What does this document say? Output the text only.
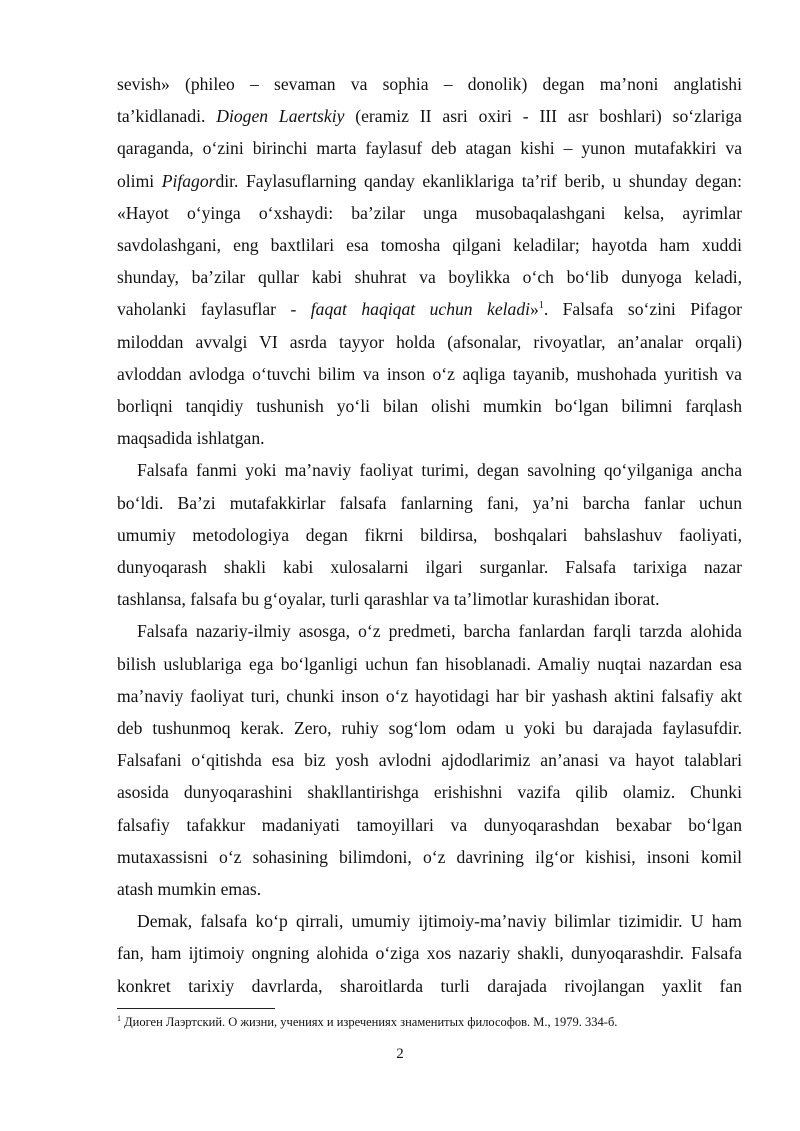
sevish» (phileo – sevaman va sophia – donolik) degan ma’noni anglatishi
ta’kidlanadi. Diogen Laertskiy (eramiz II asri oxiri - III asr boshlari) so‘zlariga
qaraganda, o‘zini birinchi marta faylasuf deb atagan kishi – yunon mutafakkiri va
olimi Pifagordir. Faylasuflarning qanday ekanliklariga ta’rif berib, u shunday degan:
«Hayot o‘yinga o‘xshaydi: ba’zilar unga musobaqalashgani kelsa, ayrimlar
savdolashgani, eng baxtlilari esa tomosha qilgani keladilar; hayotda ham xuddi
shunday, ba’zilar qullar kabi shuhrat va boylikka o‘ch bo‘lib dunyoga keladi,
vaholanki faylasuflar - faqat haqiqat uchun keladi»$^1$. Falsafa so‘zini Pifagor
miloddan avvalgi VI asrda tayyor holda (afsonalar, rivoyatlar, an’analar orqali)
avloddan avlodga o‘tuvchi bilim va inson o‘z aqliga tayanib, mushohada yuritish va
borliqni tanqidiy tushunish yo‘li bilan olishi mumkin bo‘lgan bilimni farqlash
maqsadida ishlatgan.
Falsafa fanmi yoki ma’naviy faoliyat turimi, degan savolning qo‘yilganiga ancha
bo‘ldi. Ba’zi mutafakkirlar falsafa fanlarning fani, ya’ni barcha fanlar uchun
umumiy metodologiya degan fikrni bildirsa, boshqalari bahslashuv faoliyati,
dunyoqarash shakli kabi xulosalarni ilgari surganlar. Falsafa tarixiga nazar
tashlansa, falsafa bu g‘oyalar, turli qarashlar va ta’limotlar kurashidan iborat.
Falsafa nazariy-ilmiy asosga, o‘z predmeti, barcha fanlardan farqli tarzda alohida
bilish uslublariga ega bo‘lganligi uchun fan hisoblanadi. Amaliy nuqtai nazardan esa
ma’naviy faoliyat turi, chunki inson o‘z hayotidagi har bir yashash aktini falsafiy akt
deb tushunmoq kerak. Zero, ruhiy sog‘lom odam u yoki bu darajada faylasufdir.
Falsafani o‘qitishda esa biz yosh avlodni ajdodlarimiz an’anasi va hayot talablari
asosida dunyoqarashini shakllantirishga erishishni vazifa qilib olamiz. Chunki
falsafiy tafakkur madaniyati tamoyillari va dunyoqarashdan bexabar bo‘lgan
mutaxassisni o‘z sohasining bilimdoni, o‘z davrining ilg‘or kishisi, insoni komil
atash mumkin emas.
Demak, falsafa ko‘p qirrali, umumiy ijtimoiy-ma’naviy bilimlar tizimidir. U ham
fan, ham ijtimoiy ongning alohida o‘ziga xos nazariy shakli, dunyoqarashdir. Falsafa
konkret tarixiy davrlarda, sharoitlarda turli darajada rivojlangan yaxlit fan
$^1$ Диоген Лаэртский. О жизни, учениях и изречениях знаменитых философов. М., 1979. 334-б.
2
